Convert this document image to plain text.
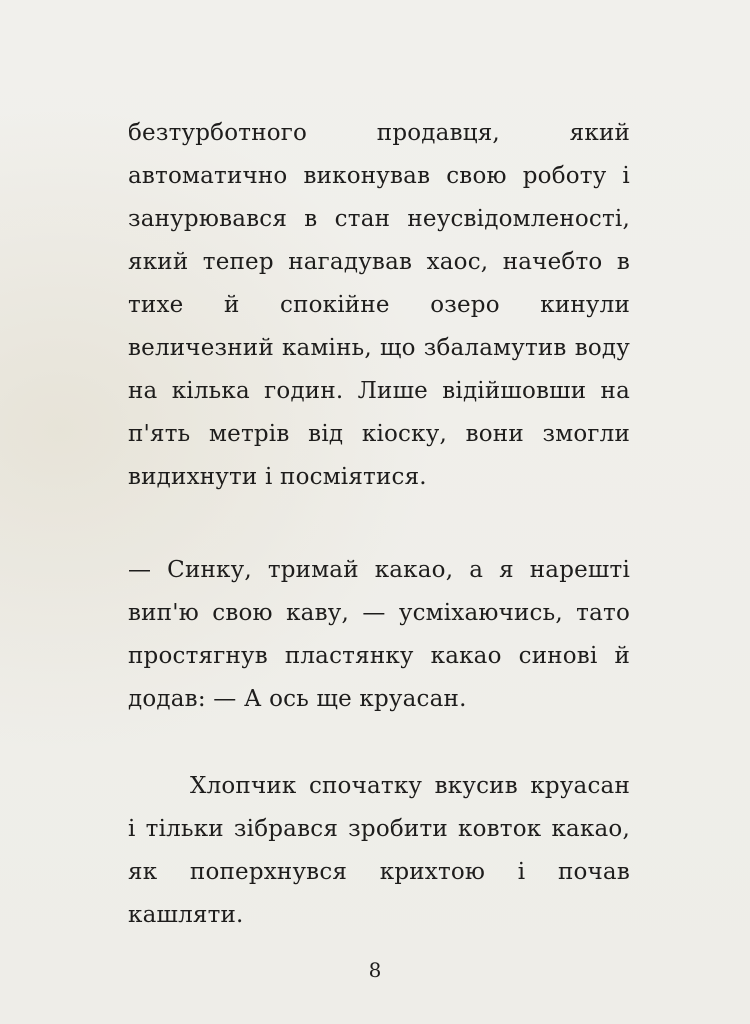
безтурботного продавця, який автоматично виконував свою роботу і занурювався в стан неусвідомленості, який тепер нагадував хаос, начебто в тихе й спокійне озеро кинули величезний камінь, що збаламутив воду на кілька годин. Лише відійшовши на п'ять метрів від кіоску, вони змогли видихнути і посміятися.

— Синку, тримай какао, а я нарешті вип'ю свою каву, — усміхаючись, тато простягнув пластянку какао синові й додав: — А ось ще круасан.

Хлопчик спочатку вкусив круасан і тільки зібрався зробити ковток какао, як поперхнувся крихтою і почав кашляти.

8
